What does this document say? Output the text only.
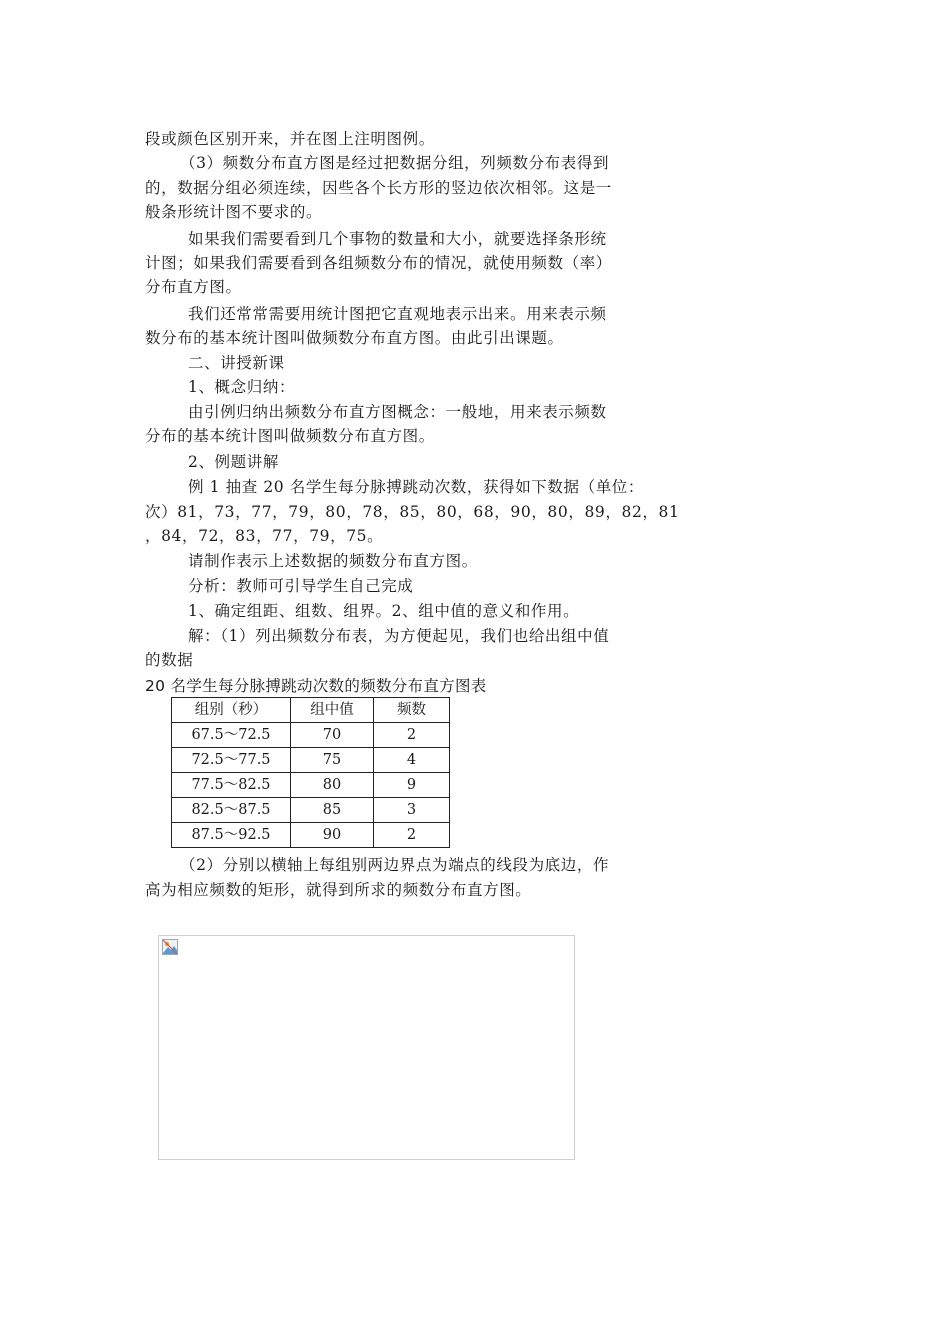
段或颜色区别开来，并在图上注明图例。
（3）频数分布直方图是经过把数据分组，列频数分布表得到
的，数据分组必须连续，因些各个长方形的竖边依次相邻。这是一
般条形统计图不要求的。
如果我们需要看到几个事物的数量和大小，就要选择条形统
计图；如果我们需要看到各组频数分布的情况，就使用频数（率）
分布直方图。
我们还常常需要用统计图把它直观地表示出来。用来表示频
数分布的基本统计图叫做频数分布直方图。由此引出课题。
二、讲授新课
1、概念归纳：
由引例归纳出频数分布直方图概念：一般地，用来表示频数
分布的基本统计图叫做频数分布直方图。
2、例题讲解
例 1 抽查 20 名学生每分脉搏跳动次数，获得如下数据（单位：
次）81，73，77，79，80，78，85，80，68，90，80，89，82，81
，84，72，83，77，79，75。
请制作表示上述数据的频数分布直方图。
分析：教师可引导学生自己完成
1、确定组距、组数、组界。2、组中值的意义和作用。
解：（1）列出频数分布表，为方便起见，我们也给出组中值
的数据
20 名学生每分脉搏跳动次数的频数分布直方图表
组别（秒）	组中值	频数
67.5～72.5	70	2
72.5～77.5	75	4
77.5～82.5	80	9
82.5～87.5	85	3
87.5～92.5	90	2
（2）分别以横轴上每组别两边界点为端点的线段为底边，作
高为相应频数的矩形，就得到所求的频数分布直方图。
